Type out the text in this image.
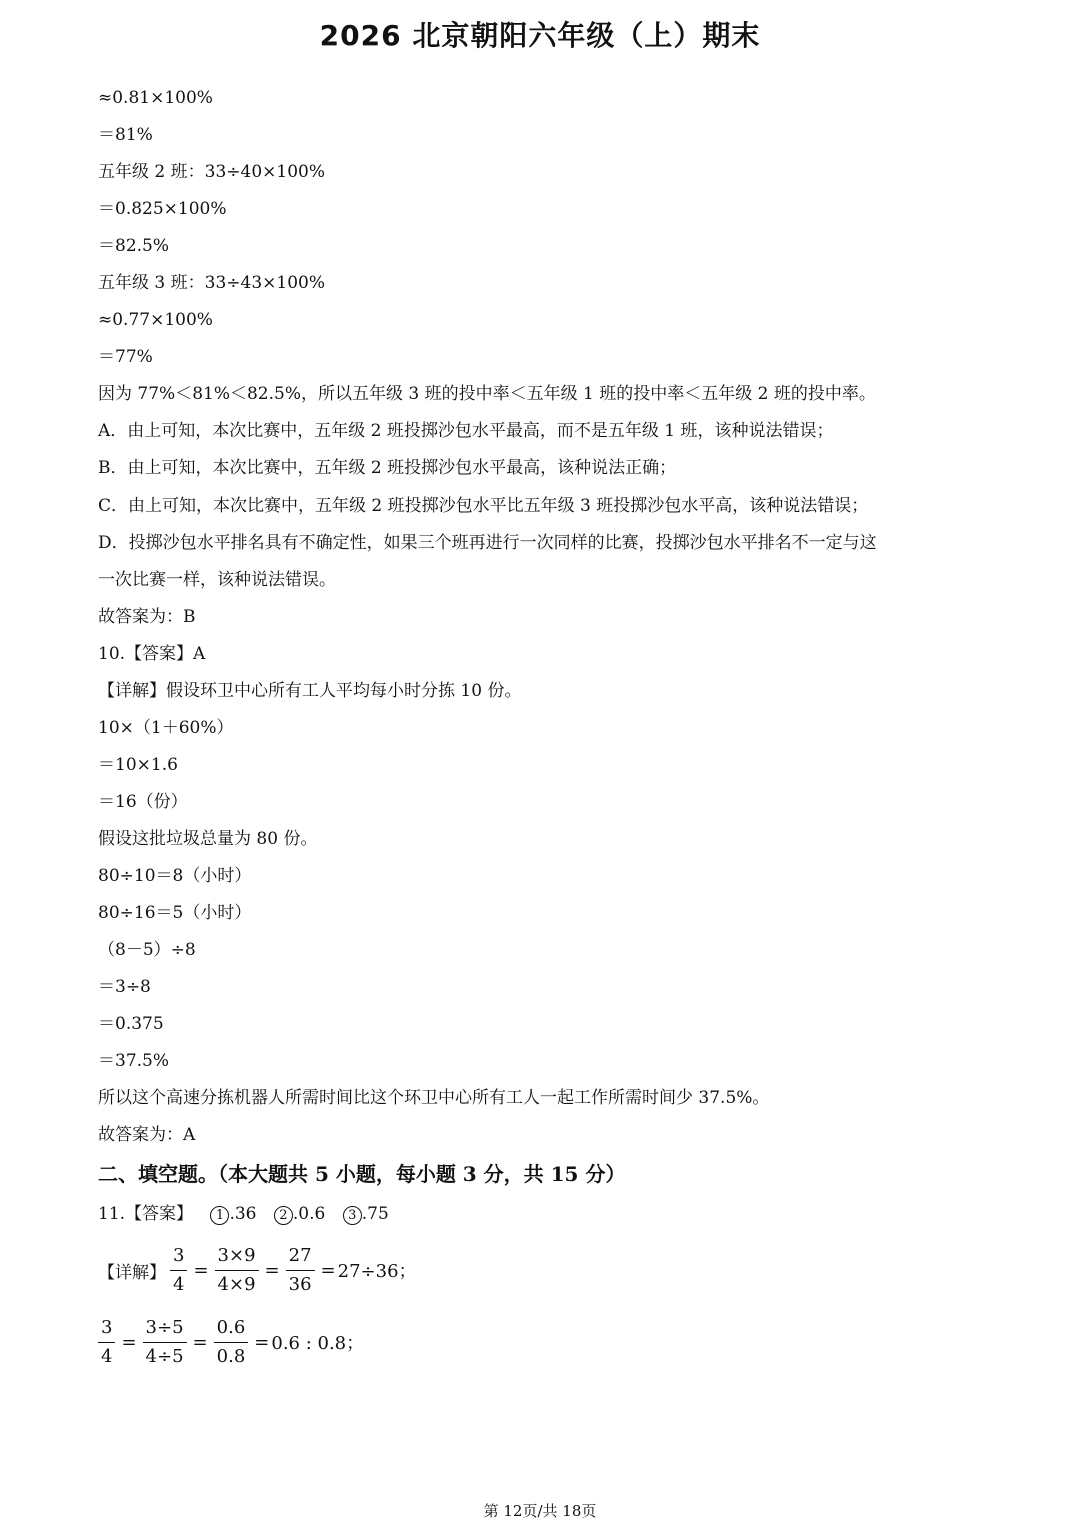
2026 北京朝阳六年级（上）期末
≈0.81×100%
＝81%
五年级 2 班：33÷40×100%
＝0.825×100%
＝82.5%
五年级 3 班：33÷43×100%
≈0.77×100%
＝77%
因为 77%＜81%＜82.5%，所以五年级 3 班的投中率＜五年级 1 班的投中率＜五年级 2 班的投中率。
A．由上可知，本次比赛中，五年级 2 班投掷沙包水平最高，而不是五年级 1 班，该种说法错误；
B．由上可知，本次比赛中，五年级 2 班投掷沙包水平最高，该种说法正确；
C．由上可知，本次比赛中，五年级 2 班投掷沙包水平比五年级 3 班投掷沙包水平高，该种说法错误；
D．投掷沙包水平排名具有不确定性，如果三个班再进行一次同样的比赛，投掷沙包水平排名不一定与这
一次比赛一样，该种说法错误。
故答案为：B
10.【答案】A
【详解】假设环卫中心所有工人平均每小时分拣 10 份。
10×（1＋60%）
＝10×1.6
＝16（份）
假设这批垃圾总量为 80 份。
80÷10＝8（小时）
80÷16＝5（小时）
（8－5）÷8
＝3÷8
＝0.375
＝37.5%
所以这个高速分拣机器人所需时间比这个环卫中心所有工人一起工作所需时间少 37.5%。
故答案为：A
二、填空题。（本大题共 5 小题，每小题 3 分，共 15 分）
11.【答案】 1 .36 2 .0.6 3 .75
【详解】 $\frac{3}{4} = \frac{3\times 9}{4\times 9} = \frac{27}{36} = 27\div 36$；
$\frac{3}{4} = \frac{3\div 5}{4\div 5} = \frac{0.6}{0.8} = 0.6$ : 0.8；
第 12页/共 18页
